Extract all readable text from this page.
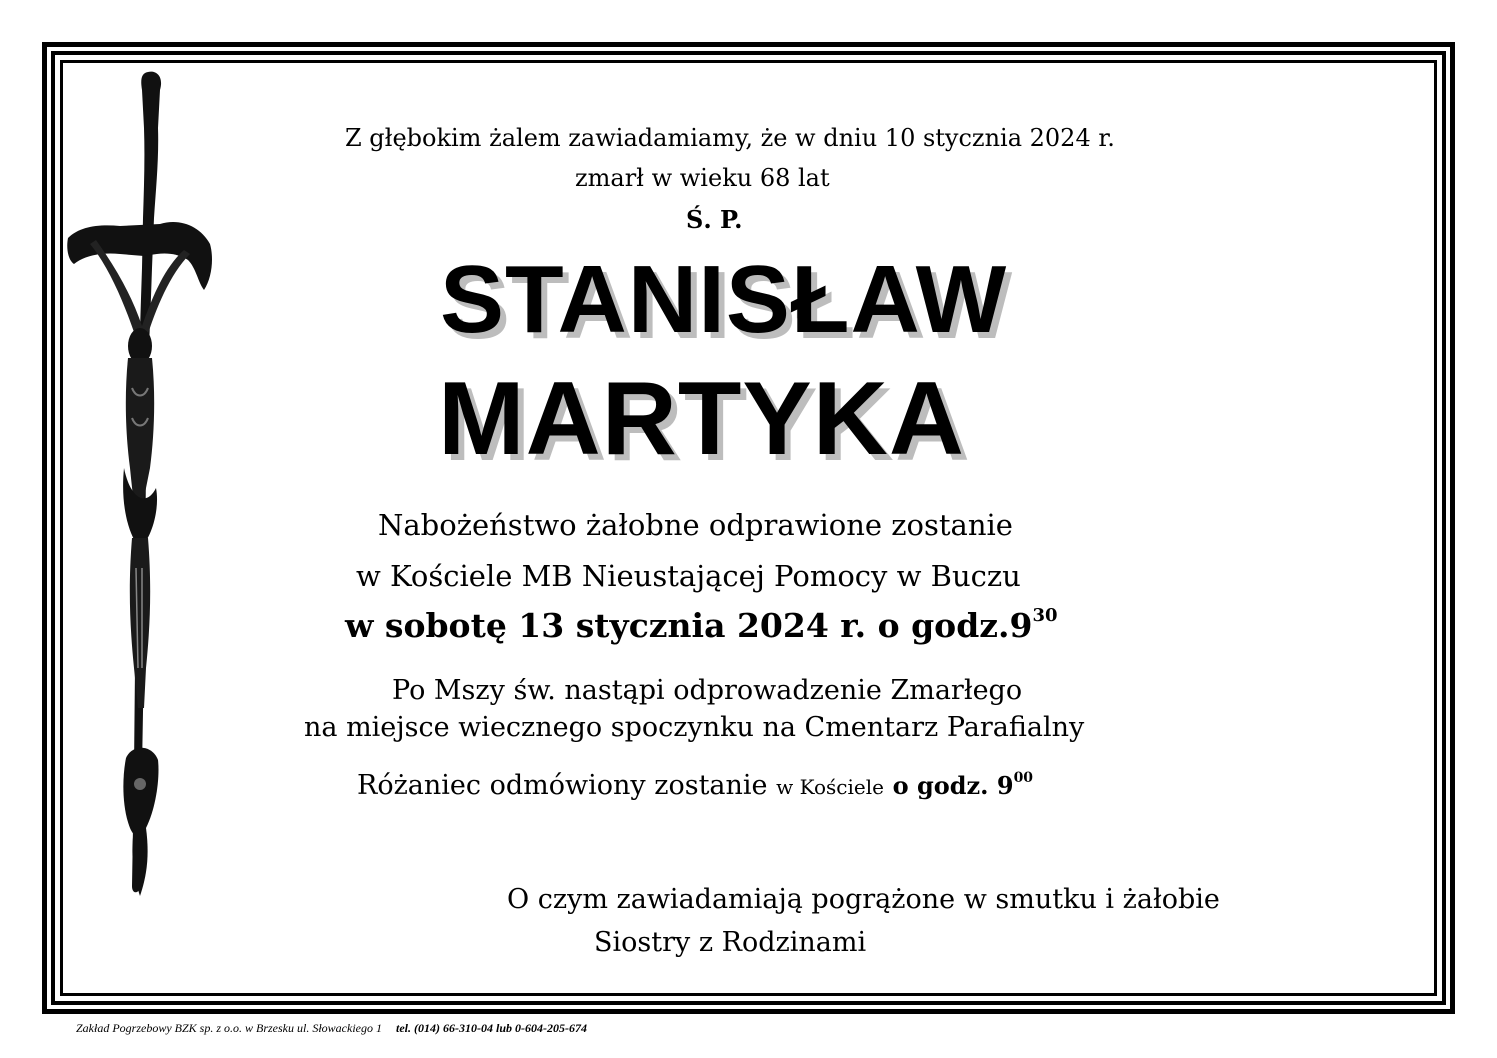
Z głębokim żalem zawiadamiamy, że w dniu 10 stycznia 2024 r.
zmarł w wieku 68 lat
Ś. P.
STANISŁAW
MARTYKA
Nabożeństwo żałobne odprawione zostanie
w Kościele MB Nieustającej Pomocy w Buczu
w sobotę 13 stycznia 2024 r. o $godz.9^{30}$
Po Mszy św. nastąpi odprowadzenie Zmarłego
na miejsce wiecznego spoczynku na Cmentarz Parafialny
Różaniec odmówiony zostanie w Kościele o godz. $9^{00}$
O czym zawiadamiają pogrążone w smutku i żałobie
Siostry z Rodzinami
Zakład Pogrzebowy BZK sp. z o.o. w Brzesku ul. Słowackiego 1 tel. (014) 66-310-04 lub 0-604-205-674
